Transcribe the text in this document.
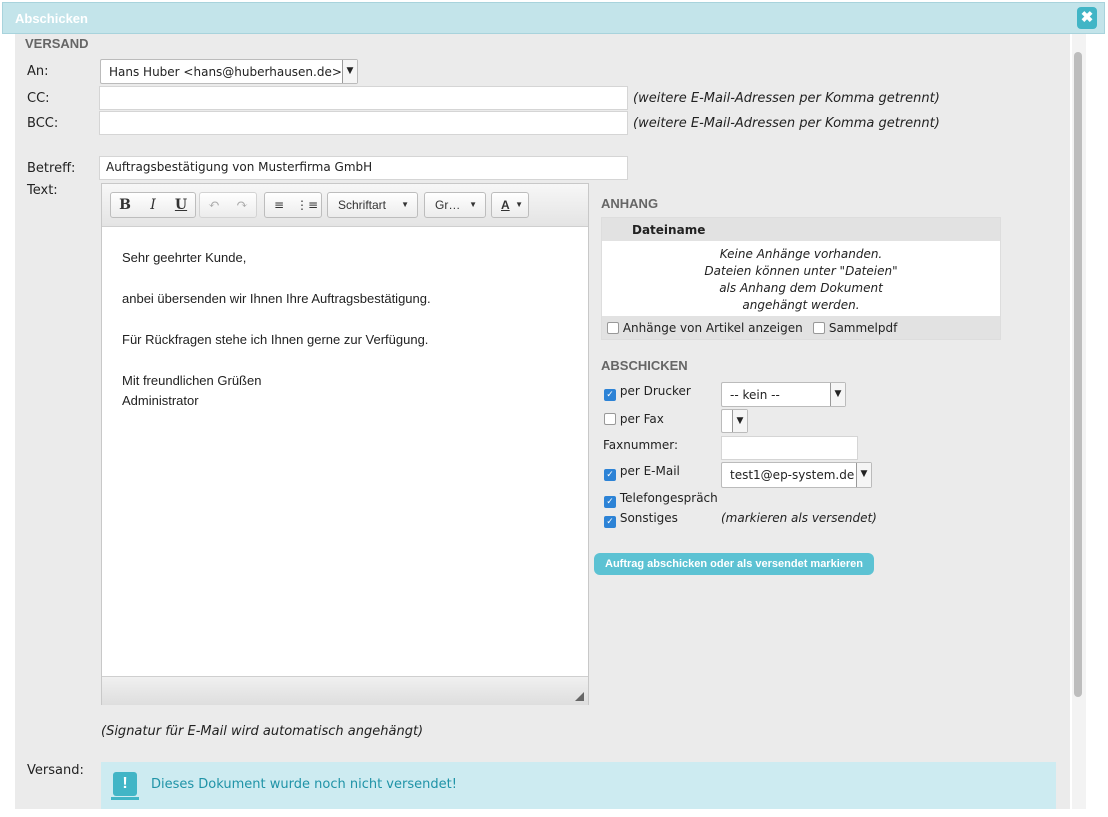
Abschicken	✖
VERSAND
An:	Hans Huber <hans@huberhausen.de> ▼
CC:	(weitere E-Mail-Adressen per Komma getrennt)
BCC:	(weitere E-Mail-Adressen per Komma getrennt)
Betreff:	Auftragsbestätigung von Musterfirma GmbH
Text:
B	I	U	↶	↷	≡ ⋮≡	Schriftart ▼	Gr… ▼	A ▼

Sehr geehrter Kunde,

anbei übersenden wir Ihnen Ihre Auftragsbestätigung.

Für Rückfragen stehe ich Ihnen gerne zur Verfügung.

Mit freundlichen Grüßen
Administrator
(Signatur für E-Mail wird automatisch angehängt)
ANHANG
Dateiname
Keine Anhänge vorhanden.
Dateien können unter "Dateien"
als Anhang dem Dokument
angehängt werden.
Anhänge von Artikel anzeigen	Sammelpdf
ABSCHICKEN
✓ per Drucker	-- kein --	▼
per Fax	▼
Faxnummer:
✓ per E-Mail	test1@ep-system.de ▼
✓ Telefongespräch
✓ Sonstiges	(markieren als versendet)
Auftrag abschicken oder als versendet markieren
Versand:
!	Dieses Dokument wurde noch nicht versendet!
